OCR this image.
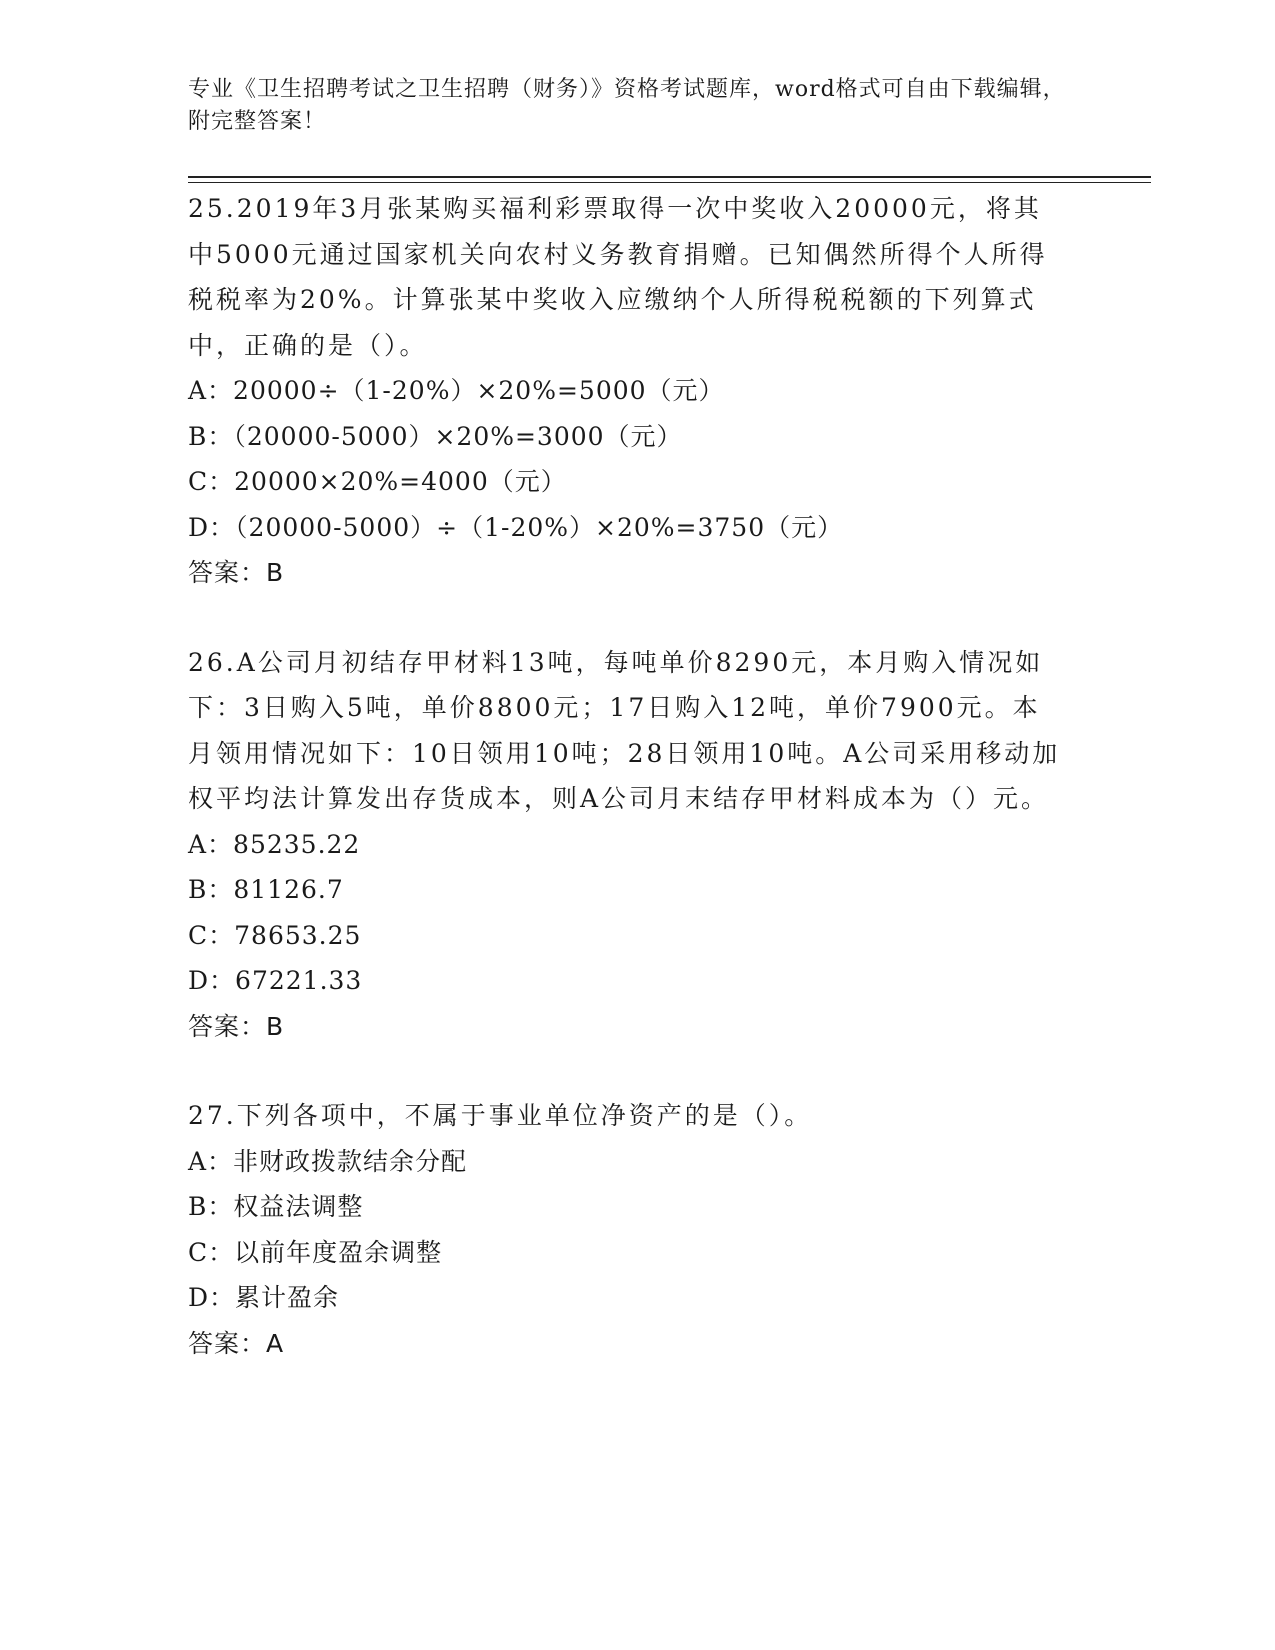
专业《卫生招聘考试之卫生招聘（财务）》资格考试题库，word格式可自由下载编辑，附完整答案！
25.2019年3月张某购买福利彩票取得一次中奖收入20000元，将其中5000元通过国家机关向农村义务教育捐赠。已知偶然所得个人所得税税率为20%。计算张某中奖收入应缴纳个人所得税税额的下列算式中，正确的是（）。
A：20000÷（1-20%）×20%=5000（元）
B：（20000-5000）×20%=3000（元）
C：20000×20%=4000（元）
D：（20000-5000）÷（1-20%）×20%=3750（元）
答案：B
26.A公司月初结存甲材料13吨，每吨单价8290元，本月购入情况如下：3日购入5吨，单价8800元；17日购入12吨，单价7900元。本月领用情况如下：10日领用10吨；28日领用10吨。A公司采用移动加权平均法计算发出存货成本，则A公司月末结存甲材料成本为（）元。
A：85235.22
B：81126.7
C：78653.25
D：67221.33
答案：B
27.下列各项中，不属于事业单位净资产的是（）。
A：非财政拨款结余分配
B：权益法调整
C：以前年度盈余调整
D：累计盈余
答案：A
